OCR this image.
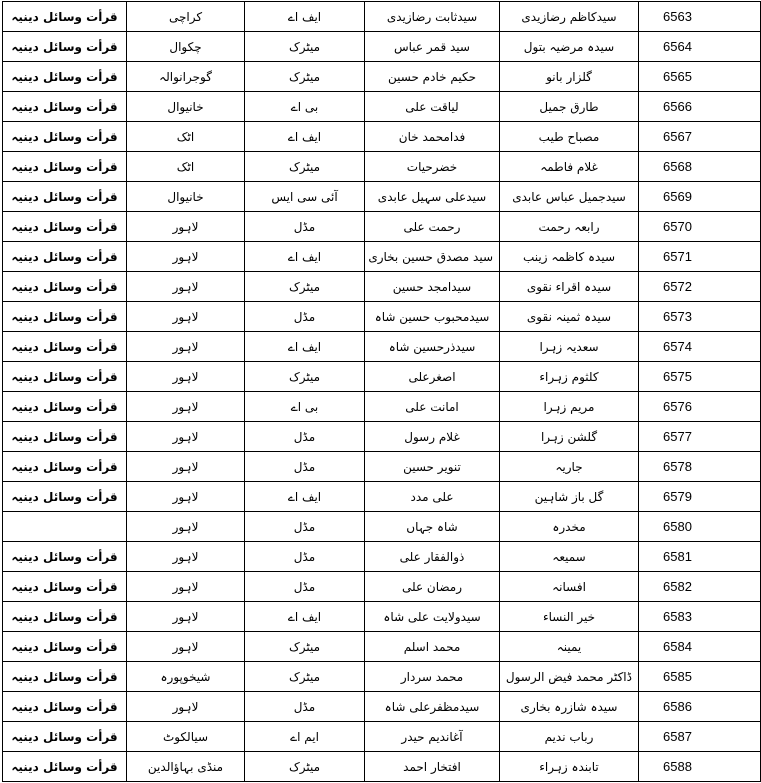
قرأت وسائل دینیہ	کراچی	ایف اے	سیدثابت رضازیدی	سیدکاظم رضازیدی	6563
قرأت وسائل دینیہ	چکوال	میٹرک	سید قمر عباس	سیدہ مرضیہ بتول	6564
قرأت وسائل دینیہ	گوجرانوالہ	میٹرک	حکیم خادم حسین	گلزار بانو	6565
قرأت وسائل دینیہ	خانیوال	بی اے	لیاقت علی	طارق جمیل	6566
قرأت وسائل دینیہ	اٹک	ایف اے	فدامحمد خان	مصباح طیب	6567
قرأت وسائل دینیہ	اٹک	میٹرک	خضرحیات	غلام فاطمہ	6568
قرأت وسائل دینیہ	خانیوال	آئی سی ایس	سیدعلی سہیل عابدی	سیدجمیل عباس عابدی	6569
قرأت وسائل دینیہ	لاہور	مڈل	رحمت علی	رابعہ رحمت	6570
قرأت وسائل دینیہ	لاہور	ایف اے	سید مصدق حسین بخاری	سیدہ کاظمہ زینب	6571
قرأت وسائل دینیہ	لاہور	میٹرک	سیدامجد حسین	سیدہ اقراء نقوی	6572
قرأت وسائل دینیہ	لاہور	مڈل	سیدمحبوب حسین شاہ	سیدہ ثمینہ نقوی	6573
قرأت وسائل دینیہ	لاہور	ایف اے	سیدذرحسین شاہ	سعدیہ زہرا	6574
قرأت وسائل دینیہ	لاہور	میٹرک	اصغرعلی	کلثوم زہراء	6575
قرأت وسائل دینیہ	لاہور	بی اے	امانت علی	مریم زہرا	6576
قرأت وسائل دینیہ	لاہور	مڈل	غلام رسول	گلشن زہرا	6577
قرأت وسائل دینیہ	لاہور	مڈل	تنویر حسین	جاریہ	6578
قرأت وسائل دینیہ	لاہور	ایف اے	علی مدد	گل باز شاہین	6579
	لاہور	مڈل	شاہ جہاں	مخدرہ	6580
قرأت وسائل دینیہ	لاہور	مڈل	ذوالفقار علی	سمیعہ	6581
قرأت وسائل دینیہ	لاہور	مڈل	رمضان علی	افسانہ	6582
قرأت وسائل دینیہ	لاہور	ایف اے	سیدولایت علی شاہ	خیر النساء	6583
قرأت وسائل دینیہ	لاہور	میٹرک	محمد اسلم	یمینہ	6584
قرأت وسائل دینیہ	شیخوپورہ	میٹرک	محمد سردار	ڈاکٹر محمد فیض الرسول	6585
قرأت وسائل دینیہ	لاہور	مڈل	سیدمظفرعلی شاہ	سیدہ شازرہ بخاری	6586
قرأت وسائل دینیہ	سیالکوٹ	ایم اے	آغاندیم حیدر	رباب ندیم	6587
قرأت وسائل دینیہ	منڈی بہاؤالدین	میٹرک	افتخار احمد	تابندہ زہراء	6588
